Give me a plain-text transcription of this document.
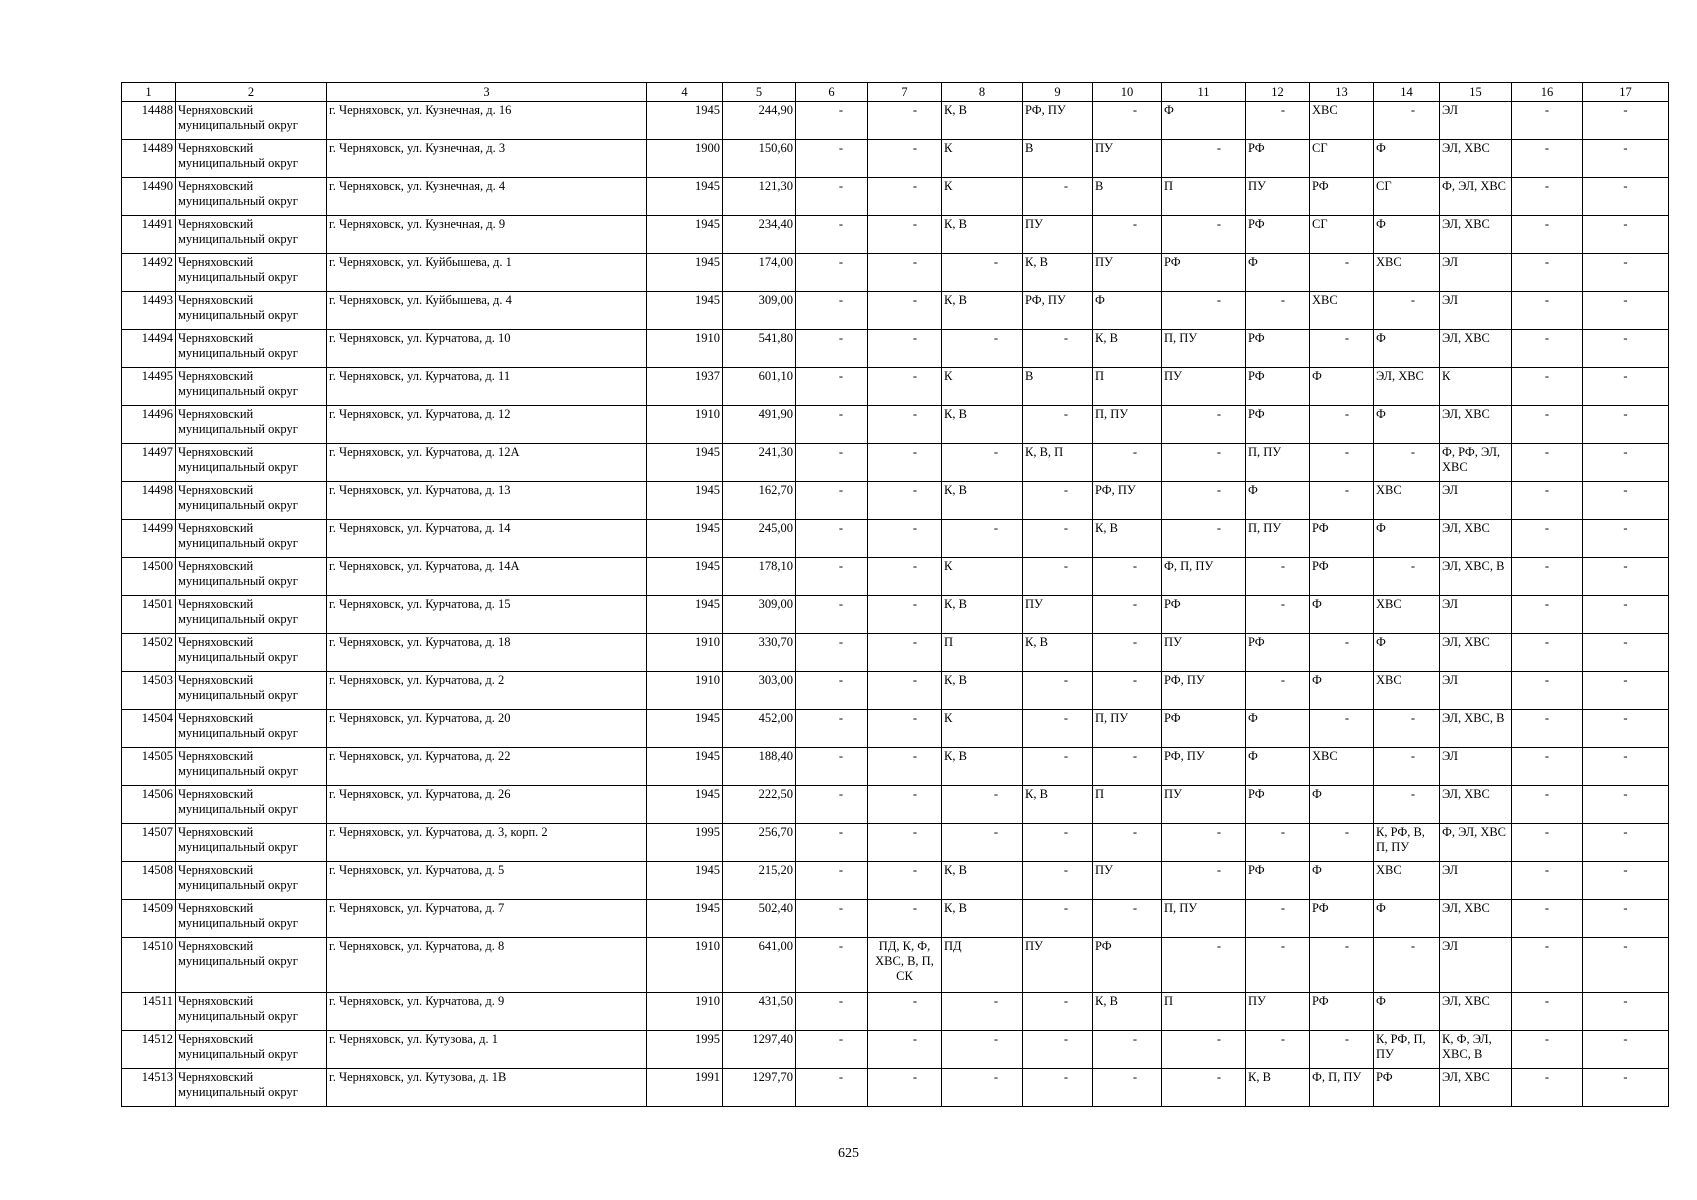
1	2	3	4	5	6	7	8	9	10	11	12	13	14	15	16	17
14488	Черняховский муниципальный округ	г. Черняховск, ул. Кузнечная, д. 16	1945	244,90	-	-	К, В	РФ, ПУ	-	Ф	-	ХВС	-	ЭЛ	-	-
14489	Черняховский муниципальный округ	г. Черняховск, ул. Кузнечная, д. 3	1900	150,60	-	-	К	В	ПУ	-	РФ	СГ	Ф	ЭЛ, ХВС	-	-
14490	Черняховский муниципальный округ	г. Черняховск, ул. Кузнечная, д. 4	1945	121,30	-	-	К	-	В	П	ПУ	РФ	СГ	Ф, ЭЛ, ХВС	-	-
14491	Черняховский муниципальный округ	г. Черняховск, ул. Кузнечная, д. 9	1945	234,40	-	-	К, В	ПУ	-	-	РФ	СГ	Ф	ЭЛ, ХВС	-	-
14492	Черняховский муниципальный округ	г. Черняховск, ул. Куйбышева, д. 1	1945	174,00	-	-	-	К, В	ПУ	РФ	Ф	-	ХВС	ЭЛ	-	-
14493	Черняховский муниципальный округ	г. Черняховск, ул. Куйбышева, д. 4	1945	309,00	-	-	К, В	РФ, ПУ	Ф	-	-	ХВС	-	ЭЛ	-	-
14494	Черняховский муниципальный округ	г. Черняховск, ул. Курчатова, д. 10	1910	541,80	-	-	-	-	К, В	П, ПУ	РФ	-	Ф	ЭЛ, ХВС	-	-
14495	Черняховский муниципальный округ	г. Черняховск, ул. Курчатова, д. 11	1937	601,10	-	-	К	В	П	ПУ	РФ	Ф	ЭЛ, ХВС	К	-	-
14496	Черняховский муниципальный округ	г. Черняховск, ул. Курчатова, д. 12	1910	491,90	-	-	К, В	-	П, ПУ	-	РФ	-	Ф	ЭЛ, ХВС	-	-
14497	Черняховский муниципальный округ	г. Черняховск, ул. Курчатова, д. 12А	1945	241,30	-	-	-	К, В, П	-	-	П, ПУ	-	-	Ф, РФ, ЭЛ, ХВС	-	-
14498	Черняховский муниципальный округ	г. Черняховск, ул. Курчатова, д. 13	1945	162,70	-	-	К, В	-	РФ, ПУ	-	Ф	-	ХВС	ЭЛ	-	-
14499	Черняховский муниципальный округ	г. Черняховск, ул. Курчатова, д. 14	1945	245,00	-	-	-	-	К, В	-	П, ПУ	РФ	Ф	ЭЛ, ХВС	-	-
14500	Черняховский муниципальный округ	г. Черняховск, ул. Курчатова, д. 14А	1945	178,10	-	-	К	-	-	Ф, П, ПУ	-	РФ	-	ЭЛ, ХВС, В	-	-
14501	Черняховский муниципальный округ	г. Черняховск, ул. Курчатова, д. 15	1945	309,00	-	-	К, В	ПУ	-	РФ	-	Ф	ХВС	ЭЛ	-	-
14502	Черняховский муниципальный округ	г. Черняховск, ул. Курчатова, д. 18	1910	330,70	-	-	П	К, В	-	ПУ	РФ	-	Ф	ЭЛ, ХВС	-	-
14503	Черняховский муниципальный округ	г. Черняховск, ул. Курчатова, д. 2	1910	303,00	-	-	К, В	-	-	РФ, ПУ	-	Ф	ХВС	ЭЛ	-	-
14504	Черняховский муниципальный округ	г. Черняховск, ул. Курчатова, д. 20	1945	452,00	-	-	К	-	П, ПУ	РФ	Ф	-	-	ЭЛ, ХВС, В	-	-
14505	Черняховский муниципальный округ	г. Черняховск, ул. Курчатова, д. 22	1945	188,40	-	-	К, В	-	-	РФ, ПУ	Ф	ХВС	-	ЭЛ	-	-
14506	Черняховский муниципальный округ	г. Черняховск, ул. Курчатова, д. 26	1945	222,50	-	-	-	К, В	П	ПУ	РФ	Ф	-	ЭЛ, ХВС	-	-
14507	Черняховский муниципальный округ	г. Черняховск, ул. Курчатова, д. 3, корп. 2	1995	256,70	-	-	-	-	-	-	-	-	К, РФ, В, П, ПУ	Ф, ЭЛ, ХВС	-	-
14508	Черняховский муниципальный округ	г. Черняховск, ул. Курчатова, д. 5	1945	215,20	-	-	К, В	-	ПУ	-	РФ	Ф	ХВС	ЭЛ	-	-
14509	Черняховский муниципальный округ	г. Черняховск, ул. Курчатова, д. 7	1945	502,40	-	-	К, В	-	-	П, ПУ	-	РФ	Ф	ЭЛ, ХВС	-	-
14510	Черняховский муниципальный округ	г. Черняховск, ул. Курчатова, д. 8	1910	641,00	-	ПД, К, Ф, ХВС, В, П, СК	ПД	ПУ	РФ	-	-	-	-	ЭЛ	-	-
14511	Черняховский муниципальный округ	г. Черняховск, ул. Курчатова, д. 9	1910	431,50	-	-	-	-	К, В	П	ПУ	РФ	Ф	ЭЛ, ХВС	-	-
14512	Черняховский муниципальный округ	г. Черняховск, ул. Кутузова, д. 1	1995	1297,40	-	-	-	-	-	-	-	-	К, РФ, П, ПУ	К, Ф, ЭЛ, ХВС, В	-	-
14513	Черняховский муниципальный округ	г. Черняховск, ул. Кутузова, д. 1В	1991	1297,70	-	-	-	-	-	-	К, В	Ф, П, ПУ	РФ	ЭЛ, ХВС	-	-
625
